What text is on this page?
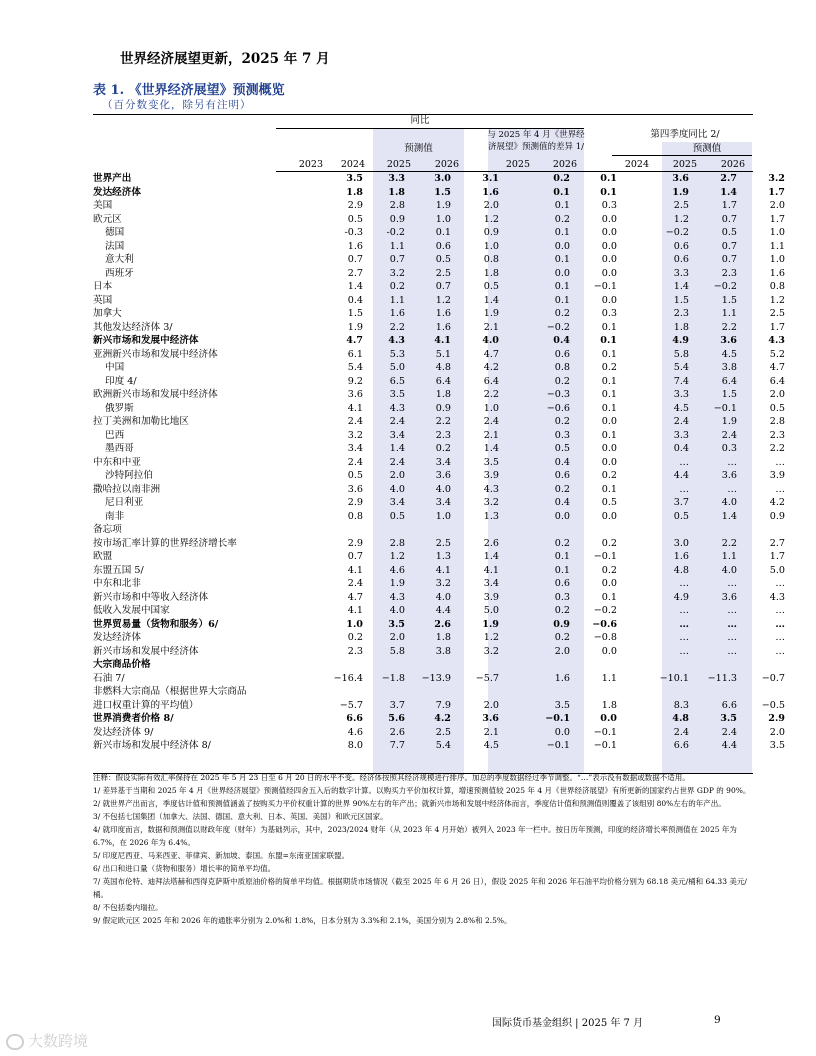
世界经济展望更新，2025 年 7 月
表 1. 《世界经济展望》预测概览
（百分数变化，除另有注明）
同比
预测值
与 2025 年 4 月《世界经
济展望》预测值的差异 1/
第四季度同比 2/
预测值
2023	2024	2025	2026	2025	2026	2024	2025	2026
世界产出	3.5	3.3	3.0	3.1	0.2	0.1	3.6	2.7	3.2
发达经济体	1.8	1.8	1.5	1.6	0.1	0.1	1.9	1.4	1.7
美国	2.9	2.8	1.9	2.0	0.1	0.3	2.5	1.7	2.0
欧元区	0.5	0.9	1.0	1.2	0.2	0.0	1.2	0.7	1.7
德国	-0.3	-0.2	0.1	0.9	0.1	0.0	−0.2	0.5	1.0
法国	1.6	1.1	0.6	1.0	0.0	0.0	0.6	0.7	1.1
意大利	0.7	0.7	0.5	0.8	0.1	0.0	0.6	0.7	1.0
西班牙	2.7	3.2	2.5	1.8	0.0	0.0	3.3	2.3	1.6
日本	1.4	0.2	0.7	0.5	0.1	−0.1	1.4	−0.2	0.8
英国	0.4	1.1	1.2	1.4	0.1	0.0	1.5	1.5	1.2
加拿大	1.5	1.6	1.6	1.9	0.2	0.3	2.3	1.1	2.5
其他发达经济体 3/	1.9	2.2	1.6	2.1	−0.2	0.1	1.8	2.2	1.7
新兴市场和发展中经济体	4.7	4.3	4.1	4.0	0.4	0.1	4.9	3.6	4.3
亚洲新兴市场和发展中经济体	6.1	5.3	5.1	4.7	0.6	0.1	5.8	4.5	5.2
中国	5.4	5.0	4.8	4.2	0.8	0.2	5.4	3.8	4.7
印度 4/	9.2	6.5	6.4	6.4	0.2	0.1	7.4	6.4	6.4
欧洲新兴市场和发展中经济体	3.6	3.5	1.8	2.2	−0.3	0.1	3.3	1.5	2.0
俄罗斯	4.1	4.3	0.9	1.0	−0.6	0.1	4.5	−0.1	0.5
拉丁美洲和加勒比地区	2.4	2.4	2.2	2.4	0.2	0.0	2.4	1.9	2.8
巴西	3.2	3.4	2.3	2.1	0.3	0.1	3.3	2.4	2.3
墨西哥	3.4	1.4	0.2	1.4	0.5	0.0	0.4	0.3	2.2
中东和中亚	2.4	2.4	3.4	3.5	0.4	0.0	…	…	…
沙特阿拉伯	0.5	2.0	3.6	3.9	0.6	0.2	4.4	3.6	3.9
撒哈拉以南非洲	3.6	4.0	4.0	4.3	0.2	0.1	…	…	…
尼日利亚	2.9	3.4	3.4	3.2	0.4	0.5	3.7	4.0	4.2
南非	0.8	0.5	1.0	1.3	0.0	0.0	0.5	1.4	0.9
备忘项
按市场汇率计算的世界经济增长率	2.9	2.8	2.5	2.6	0.2	0.2	3.0	2.2	2.7
欧盟	0.7	1.2	1.3	1.4	0.1	−0.1	1.6	1.1	1.7
东盟五国 5/	4.1	4.6	4.1	4.1	0.1	0.2	4.8	4.0	5.0
中东和北非	2.4	1.9	3.2	3.4	0.6	0.0	…	…	…
新兴市场和中等收入经济体	4.7	4.3	4.0	3.9	0.3	0.1	4.9	3.6	4.3
低收入发展中国家	4.1	4.0	4.4	5.0	0.2	−0.2	…	…	…
世界贸易量（货物和服务）6/	1.0	3.5	2.6	1.9	0.9	−0.6	…	…	…
发达经济体	0.2	2.0	1.8	1.2	0.2	−0.8	…	…	…
新兴市场和发展中经济体	2.3	5.8	3.8	3.2	2.0	0.0	…	…	…
大宗商品价格
石油 7/	−16.4	−1.8	−13.9	−5.7	1.6	1.1	−10.1	−11.3	−0.7
非燃料大宗商品（根据世界大宗商品
进口权重计算的平均值）	−5.7	3.7	7.9	2.0	3.5	1.8	8.3	6.6	−0.5
世界消费者价格 8/	6.6	5.6	4.2	3.6	−0.1	0.0	4.8	3.5	2.9
发达经济体 9/	4.6	2.6	2.5	2.1	0.0	−0.1	2.4	2.4	2.0
新兴市场和发展中经济体 8/	8.0	7.7	5.4	4.5	−0.1	−0.1	6.6	4.4	3.5
注释：假设实际有效汇率保持在 2025 年 5 月 23 日至 6 月 20 日的水平不变。经济体按照其经济规模进行排序。加总的季度数据经过季节调整。“…”表示没有数据或数据不适用。
1/ 差异基于当期和 2025 年 4 月《世界经济展望》预测值经四舍五入后的数字计算。以购买力平价加权计算，增速预测值较 2025 年 4 月《世界经济展望》有所更新的国家约占世界 GDP 的 90%。
2/ 就世界产出而言，季度估计值和预测值涵盖了按购买力平价权重计算的世界 90%左右的年产出；就新兴市场和发展中经济体而言，季度估计值和预测值则覆盖了该组别 80%左右的年产出。
3/ 不包括七国集团（加拿大、法国、德国、意大利、日本、英国、美国）和欧元区国家。
4/ 就印度而言，数据和预测值以财政年度（财年）为基础列示，其中，2023/2024 财年（从 2023 年 4 月开始）被列入 2023 年一栏中。按日历年预测，印度的经济增长率预测值在 2025 年为 6.7%，在 2026 年为 6.4%。
5/ 印度尼西亚、马来西亚、菲律宾、新加坡、泰国。东盟=东南亚国家联盟。
6/ 出口和进口量（货物和服务）增长率的简单平均值。
7/ 英国布伦特、迪拜法塔赫和西得克萨斯中质原油价格的简单平均值。根据期货市场情况（截至 2025 年 6 月 26 日），假设 2025 年和 2026 年石油平均价格分别为 68.18 美元/桶和 64.33 美元/桶。
8/ 不包括委内瑞拉。
9/ 假定欧元区 2025 年和 2026 年的通胀率分别为 2.0%和 1.8%，日本分别为 3.3%和 2.1%，美国分别为 2.8%和 2.5%。
国际货币基金组织 | 2025 年 7 月	9
大数跨境
